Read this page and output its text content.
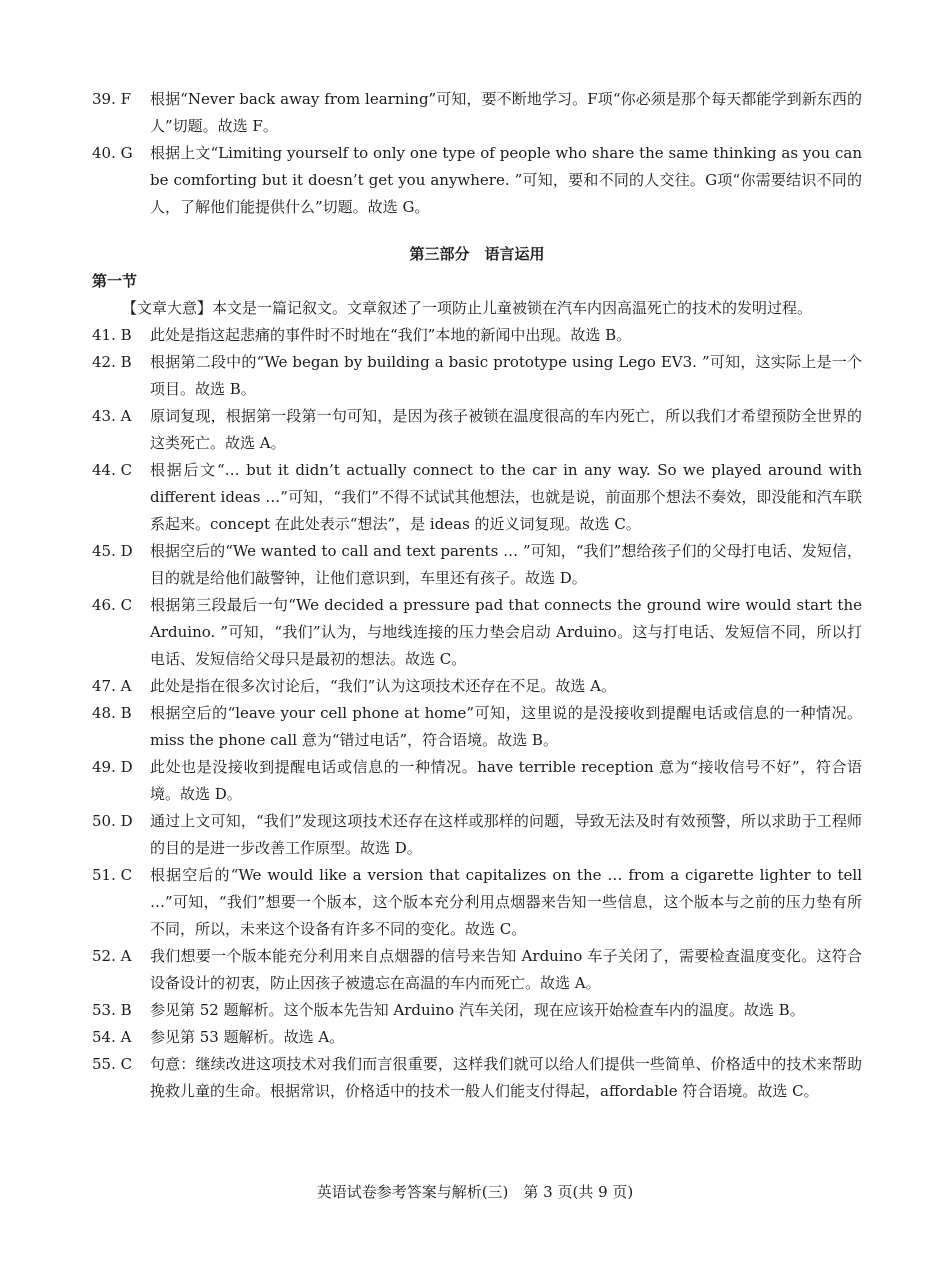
39. F	根据“Never back away from learning”可知，要不断地学习。F项“你必须是那个每天都能学到新东西的人”切题。故选 F。
40. G	根据上文“Limiting yourself to only one type of people who share the same thinking as you can be comforting but it doesn’t get you anywhere. ”可知，要和不同的人交往。G项“你需要结识不同的人，了解他们能提供什么”切题。故选 G。
第三部分　语言运用
第一节

【文章大意】本文是一篇记叙文。文章叙述了一项防止儿童被锁在汽车内因高温死亡的技术的发明过程。

41. B	此处是指这起悲痛的事件时不时地在“我们”本地的新闻中出现。故选 B。
42. B	根据第二段中的“We began by building a basic prototype using Lego EV3. ”可知，这实际上是一个项目。故选 B。
43. A	原词复现，根据第一段第一句可知，是因为孩子被锁在温度很高的车内死亡，所以我们才希望预防全世界的这类死亡。故选 A。
44. C	根据后文“… but it didn’t actually connect to the car in any way. So we played around with different ideas …”可知，“我们”不得不试试其他想法，也就是说，前面那个想法不奏效，即没能和汽车联系起来。concept 在此处表示“想法”，是 ideas 的近义词复现。故选 C。
45. D	根据空后的“We wanted to call and text parents … ”可知，“我们”想给孩子们的父母打电话、发短信，目的就是给他们敲警钟，让他们意识到，车里还有孩子。故选 D。
46. C	根据第三段最后一句“We decided a pressure pad that connects the ground wire would start the Arduino. ”可知，“我们”认为，与地线连接的压力垫会启动 Arduino。这与打电话、发短信不同，所以打电话、发短信给父母只是最初的想法。故选 C。
47. A	此处是指在很多次讨论后，“我们”认为这项技术还存在不足。故选 A。
48. B	根据空后的“leave your cell phone at home”可知，这里说的是没接收到提醒电话或信息的一种情况。miss the phone call 意为“错过电话”，符合语境。故选 B。
49. D	此处也是没接收到提醒电话或信息的一种情况。have terrible reception 意为“接收信号不好”，符合语境。故选 D。
50. D	通过上文可知，“我们”发现这项技术还存在这样或那样的问题，导致无法及时有效预警，所以求助于工程师的目的是进一步改善工作原型。故选 D。
51. C	根据空后的“We would like a version that capitalizes on the … from a cigarette lighter to tell …”可知，“我们”想要一个版本，这个版本充分利用点烟器来告知一些信息，这个版本与之前的压力垫有所不同，所以，未来这个设备有许多不同的变化。故选 C。
52. A	我们想要一个版本能充分利用来自点烟器的信号来告知 Arduino 车子关闭了，需要检查温度变化。这符合设备设计的初衷，防止因孩子被遗忘在高温的车内而死亡。故选 A。
53. B	参见第 52 题解析。这个版本先告知 Arduino 汽车关闭，现在应该开始检查车内的温度。故选 B。
54. A	参见第 53 题解析。故选 A。
55. C	句意：继续改进这项技术对我们而言很重要，这样我们就可以给人们提供一些简单、价格适中的技术来帮助挽救儿童的生命。根据常识，价格适中的技术一般人们能支付得起，affordable 符合语境。故选 C。
英语试卷参考答案与解析(三)　第 3 页(共 9 页)
